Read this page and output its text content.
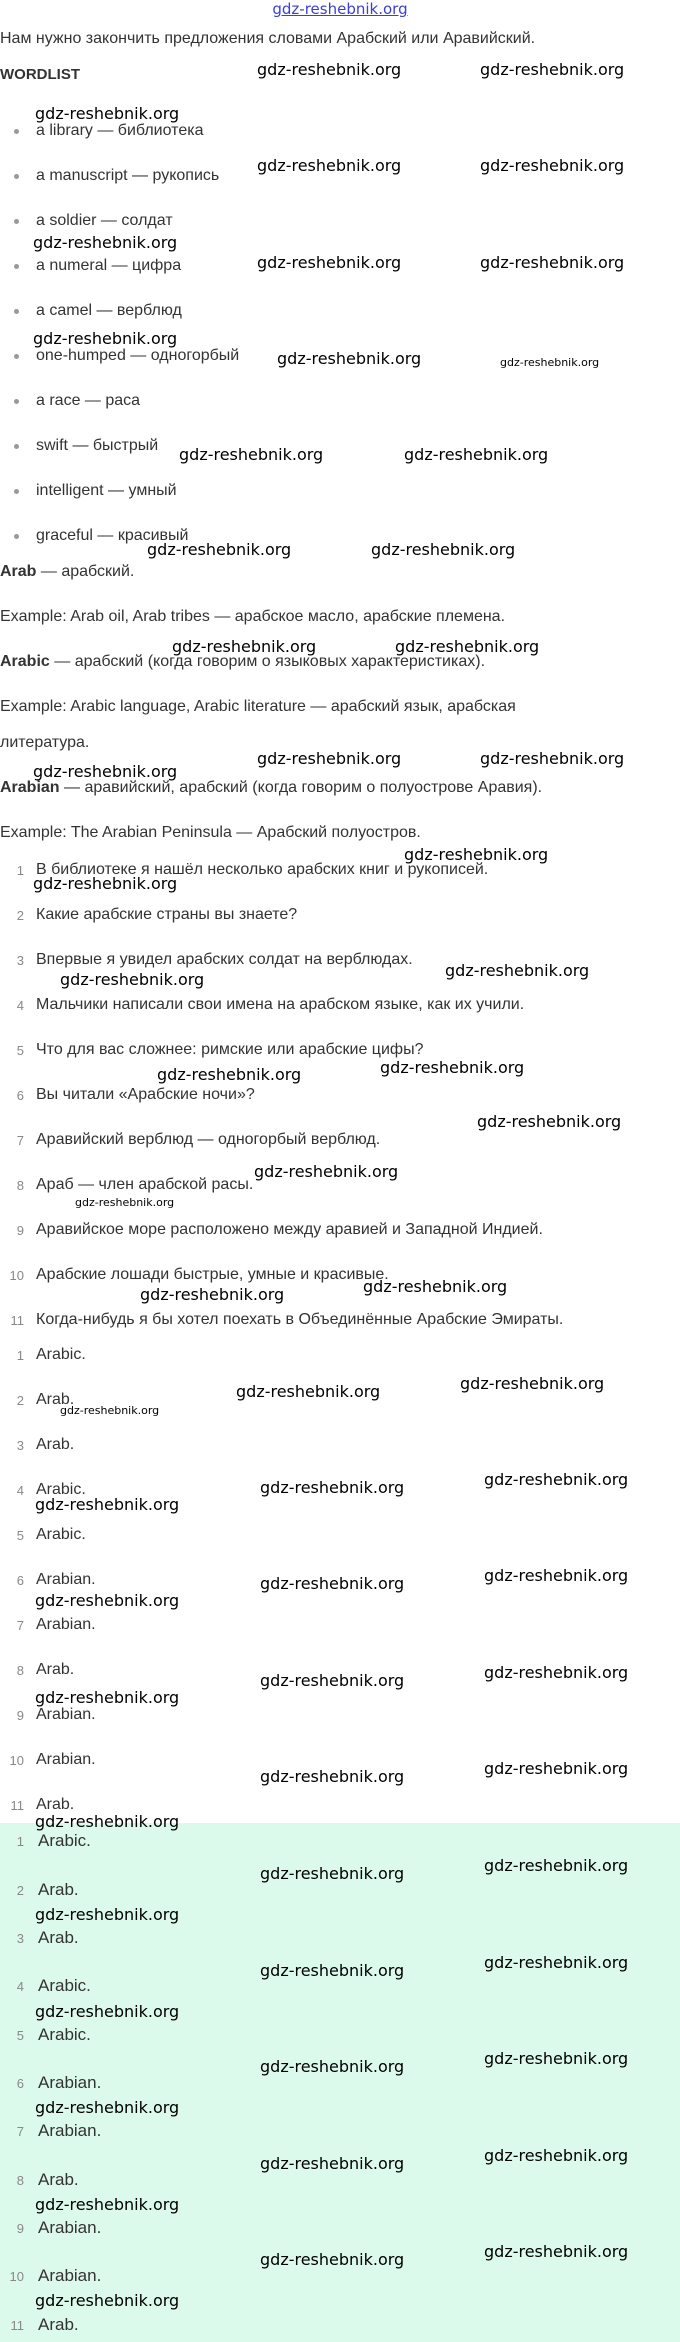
gdz-reshebnik.org
Нам нужно закончить предложения словами Арабский или Аравийский.
WORDLIST
a library — библиотека
a manuscript — рукопись
a soldier — солдат
a numeral — цифра
a camel — верблюд
one-humped — одногорбый
a race — раса
swift — быстрый
intelligent — умный
graceful — красивый
Arab — арабский.
Example: Arab oil, Arab tribes — арабское масло, арабские племена.
Arabic — арабский (когда говорим о языковых характеристиках).
Example: Arabic language, Arabic literature — арабский язык, арабская
литература.
Arabian — аравийский, арабский (когда говорим о полуострове Аравия).
Example: The Arabian Peninsula — Арабский полуостров.
1 В библиотеке я нашёл несколько арабских книг и рукописей.
2 Какие арабские страны вы знаете?
3 Впервые я увидел арабских солдат на верблюдах.
4 Мальчики написали свои имена на арабском языке, как их учили.
5 Что для вас сложнее: римские или арабские цифы?
6 Вы читали «Арабские ночи»?
7 Аравийский верблюд — одногорбый верблюд.
8 Араб — член арабской расы.
9 Аравийское море расположено между аравией и Западной Индией.
10 Арабские лошади быстрые, умные и красивые.
11 Когда-нибудь я бы хотел поехать в Объединённые Арабские Эмираты.
1 Arabic.
2 Arab.
3 Arab.
4 Arabic.
5 Arabic.
6 Arabian.
7 Arabian.
8 Arab.
9 Arabian.
10 Arabian.
11 Arab.
1 Arabic.
2 Arab.
3 Arab.
4 Arabic.
5 Arabic.
6 Arabian.
7 Arabian.
8 Arab.
9 Arabian.
10 Arabian.
11 Arab.
gdz-reshebnik.org	gdz-reshebnik.org
gdz-reshebnik.org
gdz-reshebnik.org	gdz-reshebnik.org
gdz-reshebnik.org
gdz-reshebnik.org	gdz-reshebnik.org
gdz-reshebnik.org
gdz-reshebnik.org	gdz-reshebnik.org
gdz-reshebnik.org	gdz-reshebnik.org
gdz-reshebnik.org	gdz-reshebnik.org
gdz-reshebnik.org	gdz-reshebnik.org
gdz-reshebnik.org
gdz-reshebnik.org	gdz-reshebnik.org
gdz-reshebnik.org
gdz-reshebnik.org
gdz-reshebnik.org
gdz-reshebnik.org
gdz-reshebnik.org
gdz-reshebnik.org
gdz-reshebnik.org
gdz-reshebnik.org
gdz-reshebnik.org
gdz-reshebnik.org	gdz-reshebnik.org
gdz-reshebnik.org	gdz-reshebnik.org
gdz-reshebnik.org
gdz-reshebnik.org	gdz-reshebnik.org
gdz-reshebnik.org
gdz-reshebnik.org	gdz-reshebnik.org
gdz-reshebnik.org
gdz-reshebnik.org	gdz-reshebnik.org
gdz-reshebnik.org
gdz-reshebnik.org	gdz-reshebnik.org
gdz-reshebnik.org
gdz-reshebnik.org	gdz-reshebnik.org
gdz-reshebnik.org
gdz-reshebnik.org	gdz-reshebnik.org
gdz-reshebnik.org
gdz-reshebnik.org	gdz-reshebnik.org
gdz-reshebnik.org
gdz-reshebnik.org	gdz-reshebnik.org
gdz-reshebnik.org
gdz-reshebnik.org	gdz-reshebnik.org
gdz-reshebnik.org
